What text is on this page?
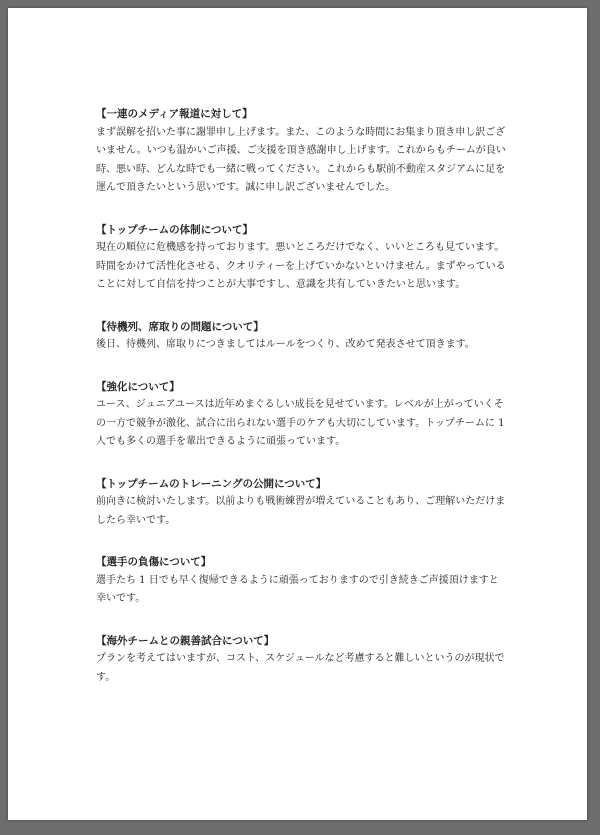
【一連のメディア報道に対して】
まず誤解を招いた事に謝罪申し上げます。また、このような時間にお集まり頂き申し訳ござ
いません。いつも温かいご声援、ご支援を頂き感謝申し上げます。これからもチームが良い
時、悪い時、どんな時でも一緒に戦ってください。これからも駅前不動産スタジアムに足を
運んで頂きたいという思いです。誠に申し訳ございませんでした。
【トップチームの体制について】
現在の順位に危機感を持っております。悪いところだけでなく、いいところも見ています。
時間をかけて活性化させる、クオリティーを上げていかないといけません。まずやっている
ことに対して自信を持つことが大事ですし、意識を共有していきたいと思います。
【待機列、席取りの問題について】
後日、待機列、席取りにつきましてはルールをつくり、改めて発表させて頂きます。
【強化について】
ユース、ジュニアユースは近年めまぐるしい成長を見せています。レベルが上がっていくそ
の一方で競争が激化、試合に出られない選手のケアも大切にしています。トップチームに 1
人でも多くの選手を輩出できるように頑張っています。
【トップチームのトレーニングの公開について】
前向きに検討いたします。以前よりも戦術練習が増えていることもあり、ご理解いただけま
したら幸いです。
【選手の負傷について】
選手たち 1 日でも早く復帰できるように頑張っておりますので引き続きご声援頂けますと
幸いです。
【海外チームとの親善試合について】
プランを考えてはいますが、コスト、スケジュールなど考慮すると難しいというのが現状で
す。
